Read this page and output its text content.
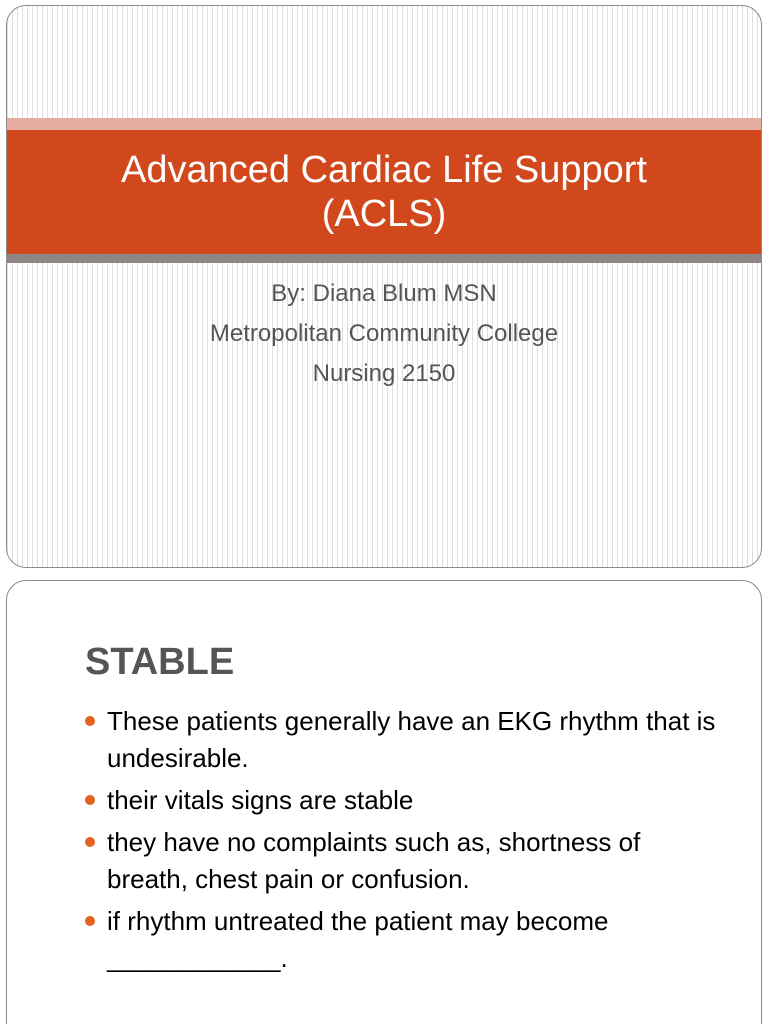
Advanced Cardiac Life Support
(ACLS)
By: Diana Blum MSN
Metropolitan Community College
Nursing 2150
STABLE
These patients generally have an EKG rhythm that is undesirable.
their vitals signs are stable
they have no complaints such as, shortness of breath, chest pain or confusion.
if rhythm untreated the patient may become ____________.
